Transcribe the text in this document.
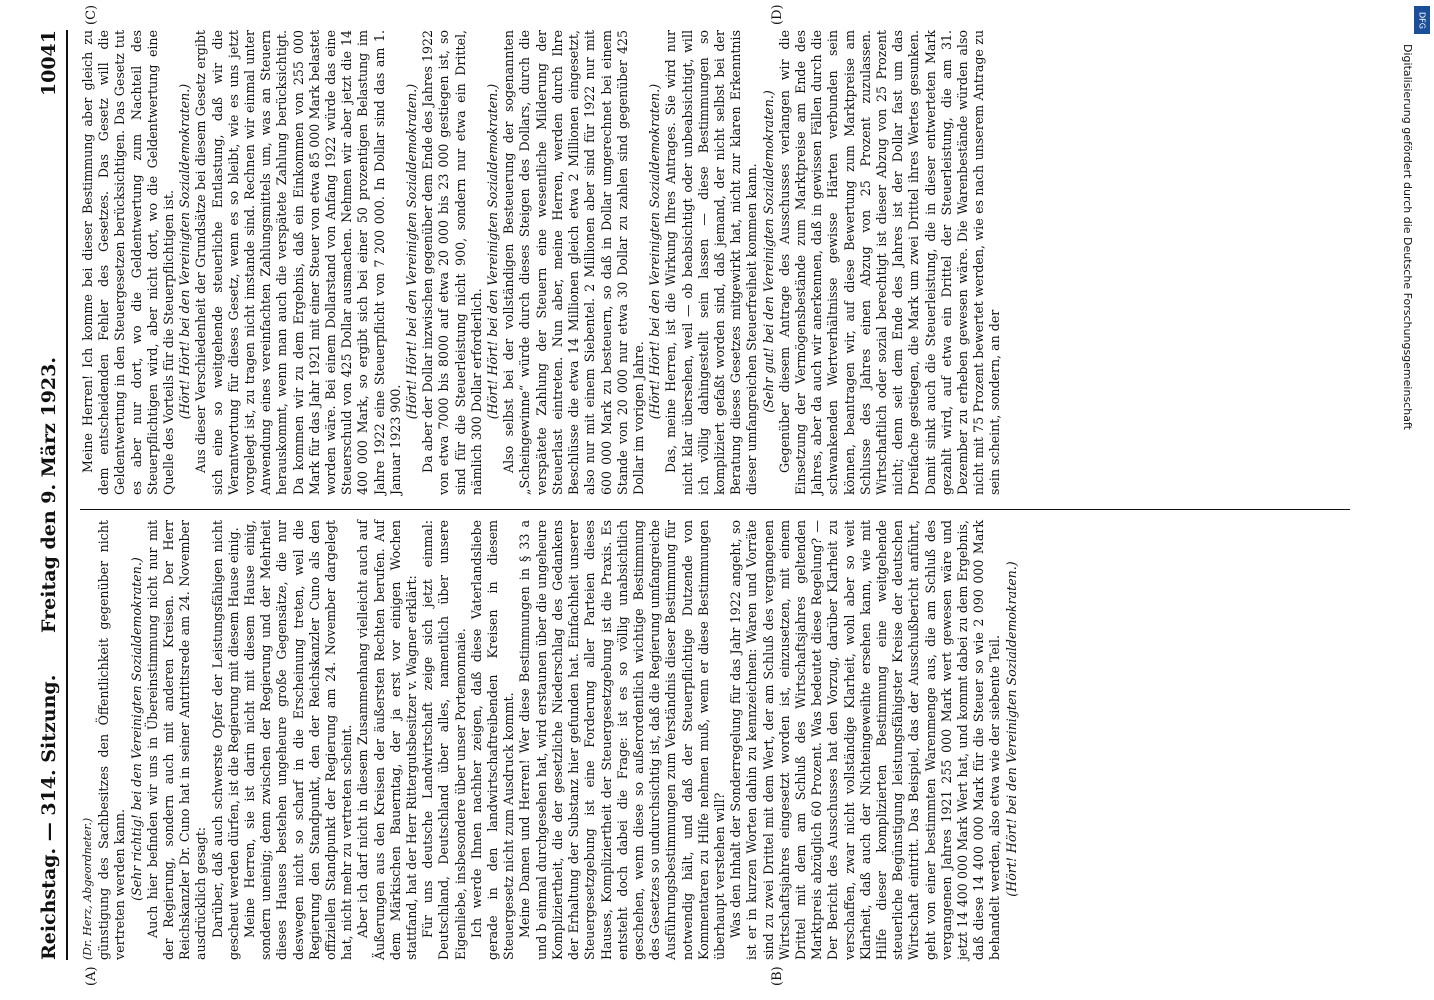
Reichstag. — 314. Sitzung.
Freitag den 9. März 1923.
10041
(A)	(B)
(C)	(D)

(Dr. Herz, Abgeordneter.) günstigung des Sachbesitzes den Öffentlichkeit gegenüber nicht vertreten werden kann. (Sehr richtig! bei den Vereinigten Sozialdemokraten.) Auch hier befinden wir uns in Übereinstimmung nicht nur mit der Regierung, sondern auch mit anderen Kreisen. Der Herr Reichskanzler Dr. Cuno hat in seiner Antrittsrede am 24. November ausdrücklich gesagt: Darüber, daß auch schwerste Opfer der Leistungsfähigen nicht gescheut werden dürfen, ist die Regierung mit diesem Hause einig. Meine Herren, sie ist darin nicht mit diesem Hause einig, sondern uneinig; denn zwischen der Regierung und der Mehrheit dieses Hauses bestehen ungeheure große Gegensätze, die nur deswegen nicht so scharf in die Erscheinung treten, weil die Regierung den Standpunkt, den der Reichskanzler Cuno als den offiziellen Standpunkt der Regierung am 24. November dargelegt hat, nicht mehr zu vertreten scheint. Aber ich darf nicht in diesem Zusammenhang vielleicht auch auf Äußerungen aus den Kreisen der äußersten Rechten berufen. Auf dem Märkischen Bauerntag, der ja erst vor einigen Wochen stattfand, hat der Herr Rittergutsbesitzer v. Wagner erklärt: Für uns deutsche Landwirtschaft zeige sich jetzt einmal: Deutschland, Deutschland über alles, namentlich über unsere Eigenliebe, insbesondere über unser Portemonnaie. Ich werde Ihnen nachher zeigen, daß diese Vaterlandsliebe gerade in den landwirtschaftreibenden Kreisen in diesem Steuergesetz nicht zum Ausdruck kommt. Meine Damen und Herren! Wer diese Bestimmungen in § 33 a und b einmal durchgesehen hat, wird erstaunen über die ungeheure Kompliziertheit, die der gesetzliche Niederschlag des Gedankens der Erhaltung der Substanz hier gefunden hat. Einfachheit unserer Steuergesetzgebung ist eine Forderung aller Parteien dieses Hauses, Kompliziertheit der Steuergesetzgebung ist die Praxis. Es entsteht doch dabei die Frage: ist es so völlig unabsichtlich geschehen, wenn diese so außerordentlich wichtige Bestimmung des Gesetzes so undurchsichtig ist, daß die Regierung umfangreiche Ausführungsbestimmungen zum Verständnis dieser Bestimmung für notwendig hält, und daß der Steuerpflichtige Dutzende von Kommentaren zu Hilfe nehmen muß, wenn er diese Bestimmungen überhaupt verstehen will? Was den Inhalt der Sonderregelung für das Jahr 1922 angeht, so ist er in kurzen Worten dahin zu kennzeichnen: Waren und Vorräte sind zu zwei Drittel mit dem Wert, der am Schluß des vergangenen Wirtschaftsjahres eingesetzt worden ist, einzusetzen, mit einem Drittel mit dem am Schluß des Wirtschaftsjahres geltenden Marktpreis abzüglich 60 Prozent. Was bedeutet diese Regelung? — Der Bericht des Ausschusses hat den Vorzug, darüber Klarheit zu verschaffen, zwar nicht vollständige Klarheit, wohl aber so weit Klarheit, daß auch der Nichteingeweihte ersehen kann, wie mit Hilfe dieser komplizierten Bestimmung eine weitgehende steuerliche Begünstigung leistungsfähigster Kreise der deutschen Wirtschaft eintritt. Das Beispiel, das der Ausschußbericht anführt, geht von einer bestimmten Warenmenge aus, die am Schluß des vergangenen Jahres 1921 255 000 Mark wert gewesen wäre und jetzt 14 400 000 Mark Wert hat, und kommt dabei zu dem Ergebnis, daß diese 14 400 000 Mark für die Steuer so wie 2 090 000 Mark behandelt werden, also etwa wie der siebente Teil. (Hört! Hört! bei den Vereinigten Sozialdemokraten.)

Meine Herren! Ich komme bei dieser Bestimmung aber gleich zu dem entscheidenden Fehler des Gesetzes. Das Gesetz will die Geldentwertung in den Steuergesetzen berücksichtigen. Das Gesetz tut es aber nur dort, wo die Geldentwertung zum Nachteil des Steuerpflichtigen wird, aber nicht dort, wo die Geldentwertung eine Quelle des Vorteils für die Steuerpflichtigen ist. (Hört! Hört! bei den Vereinigten Sozialdemokraten.) Aus dieser Verschiedenheit der Grundsätze bei diesem Gesetz ergibt sich eine so weitgehende steuerliche Entlastung, daß wir die Verantwortung für dieses Gesetz, wenn es so bleibt, wie es uns jetzt vorgelegt ist, zu tragen nicht imstande sind. Rechnen wir einmal unter Anwendung eines vereinfachten Zahlungsmittels um, was an Steuern herauskommt, wenn man auch die verspätete Zahlung berücksichtigt. Da kommen wir zu dem Ergebnis, daß ein Einkommen von 255 000 Mark für das Jahr 1921 mit einer Steuer von etwa 85 000 Mark belastet worden wäre. Bei einem Dollarstand von Anfang 1922 würde das eine Steuerschuld von 425 Dollar ausmachen. Nehmen wir aber jetzt die 14 400 000 Mark, so ergibt sich bei einer 50 prozentigen Belastung im Jahre 1922 eine Steuerpflicht von 7 200 000. In Dollar sind das am 1. Januar 1923 900.

(Hört! Hört! bei den Vereinigten Sozialdemokraten.) Da aber der Dollar inzwischen gegenüber dem Ende des Jahres 1922 von etwa 7000 bis 8000 auf etwa 20 000 bis 23 000 gestiegen ist, so sind für die Steuerleistung nicht 900, sondern nur etwa ein Drittel, nämlich 300 Dollar erforderlich. (Hört! Hört! bei den Vereinigten Sozialdemokraten.) Also selbst bei der vollständigen Besteuerung der sogenannten „Scheingewinne“ würde durch dieses Steigen des Dollars, durch die verspätete Zahlung der Steuern eine wesentliche Milderung der Steuerlast eintreten. Nun aber, meine Herren, werden durch Ihre Beschlüsse die etwa 14 Millionen gleich etwa 2 Millionen eingesetzt, also nur mit einem Siebentel. 2 Millionen aber sind für 1922 nur mit 600 000 Mark zu besteuern, so daß in Dollar umgerechnet bei einem Stande von 20 000 nur etwa 30 Dollar zu zahlen sind gegenüber 425 Dollar im vorigen Jahre. (Hört! Hört! bei den Vereinigten Sozialdemokraten.) Das, meine Herren, ist die Wirkung Ihres Antrages. Sie wird nur nicht klar übersehen, weil — ob beabsichtigt oder unbeabsichtigt, will ich völlig dahingestellt sein lassen — diese Bestimmungen so kompliziert gefaßt worden sind, daß jemand, der nicht selbst bei der Beratung dieses Gesetzes mitgewirkt hat, nicht zur klaren Erkenntnis dieser umfangreichen Steuerfreiheit kommen kann. (Sehr gut! bei den Vereinigten Sozialdemokraten.) Gegenüber diesem Antrage des Ausschusses verlangen wir die Einsetzung der Vermögensbestände zum Marktpreise am Ende des Jahres, aber da auch wir anerkennen, daß in gewissen Fällen durch die schwankenden Wertverhältnisse gewisse Härten verbunden sein können, beantragen wir, auf diese Bewertung zum Marktpreise am Schlusse des Jahres einen Abzug von 25 Prozent zuzulassen. Wirtschaftlich oder sozial berechtigt ist dieser Abzug von 25 Prozent nicht; denn seit dem Ende des Jahres ist der Dollar fast um das Dreifache gestiegen, die Mark um zwei Drittel ihres Wertes gesunken. Damit sinkt auch die Steuerleistung, die in dieser entwerteten Mark gezahlt wird, auf etwa ein Drittel der Steuerleistung, die am 31. Dezember zu erheben gewesen wäre. Die Warenbestände würden also nicht mit 75 Prozent bewertet werden, wie es nach unserem Antrage zu sein scheint, sondern, an der	Digitalisierung gefördert durch die Deutsche Forschungsgemeinschaft
DFG
